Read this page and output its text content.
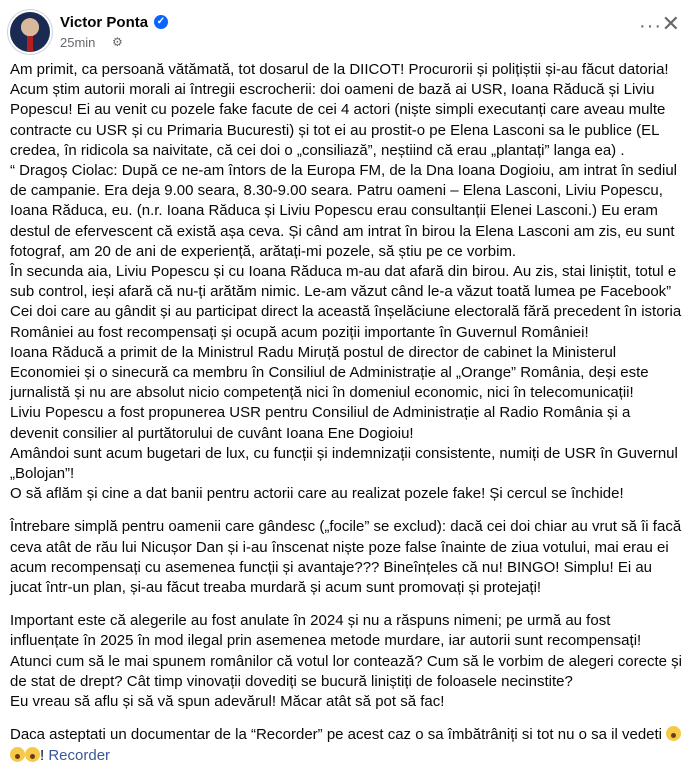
Victor Ponta ✓
25min ⚙
··· ✕

Am primit, ca persoană vătămată, tot dosarul de la DIICOT! Procurorii și polițiștii și-au făcut datoria!
Acum știm autorii morali ai întregii escrocherii: doi oameni de bază ai USR, Ioana Răducă și Liviu Popescu! Ei au venit cu pozele fake facute de cei 4 actori (niște simpli executanți care aveau multe contracte cu USR și cu Primaria Bucuresti) și tot ei au prostit-o pe Elena Lasconi sa le publice (EL credea, în ridicola sa naivitate, că cei doi o „consiliază”, neștiind că erau „plantați” langa ea) .
“ Dragoș Ciolac: După ce ne-am întors de la Europa FM, de la Dna Ioana Dogioiu, am intrat în sediul de campanie. Era deja 9.00 seara, 8.30-9.00 seara. Patru oameni – Elena Lasconi, Liviu Popescu, Ioana Răduca, eu. (n.r. Ioana Răduca și Liviu Popescu erau consultanții Elenei Lasconi.) Eu eram destul de efervescent că există așa ceva. Și când am intrat în birou la Elena Lasconi am zis, eu sunt fotograf, am 20 de ani de experiență, arătați-mi pozele, să știu pe ce vorbim.
În secunda aia, Liviu Popescu și cu Ioana Răduca m-au dat afară din birou. Au zis, stai liniștit, totul e sub control, ieși afară că nu-ți arătăm nimic. Le-am văzut când le-a văzut toată lumea pe Facebook”
Cei doi care au gândit și au participat direct la această înșelăciune electorală fără precedent în istoria României au fost recompensați și ocupă acum poziții importante în Guvernul României!
Ioana Răducă a primit de la Ministrul Radu Miruță postul de director de cabinet la Ministerul Economiei și o sinecură ca membru în Consiliul de Administrație al „Orange” România, deși este jurnalistă și nu are absolut nicio competență nici în domeniul economic, nici în telecomunicații!
Liviu Popescu a fost propunerea USR pentru Consiliul de Administrație al Radio România și a devenit consilier al purtătorului de cuvânt Ioana Ene Dogioiu!
Amândoi sunt acum bugetari de lux, cu funcții și indemnizații consistente, numiți de USR în Guvernul „Bolojan”!
O să aflăm și cine a dat banii pentru actorii care au realizat pozele fake! Și cercul se închide!

Întrebare simplă pentru oamenii care gândesc („focile” se exclud): dacă cei doi chiar au vrut să îi facă ceva atât de rău lui Nicușor Dan și i-au înscenat niște poze false înainte de ziua votului, mai erau ei acum recompensați cu asemenea funcții și avantaje??? Bineînțeles că nu! BINGO! Simplu! Ei au jucat într-un plan, și-au făcut treaba murdară și acum sunt promovați și protejați!

Important este că alegerile au fost anulate în 2024 și nu a răspuns nimeni; pe urmă au fost influențate în 2025 în mod ilegal prin asemenea metode murdare, iar autorii sunt recompensați!
Atunci cum să le mai spunem românilor că votul lor contează? Cum să le vorbim de alegeri corecte și de stat de drept? Cât timp vinovații dovediți se bucură liniștiți de foloasele necinstite?
Eu vreau să aflu și să vă spun adevărul! Măcar atât să pot să fac!

Daca asteptati un documentar de la “Recorder” pe acest caz o sa îmbătrâniți si tot nu o sa il vedeti
! Recorder
